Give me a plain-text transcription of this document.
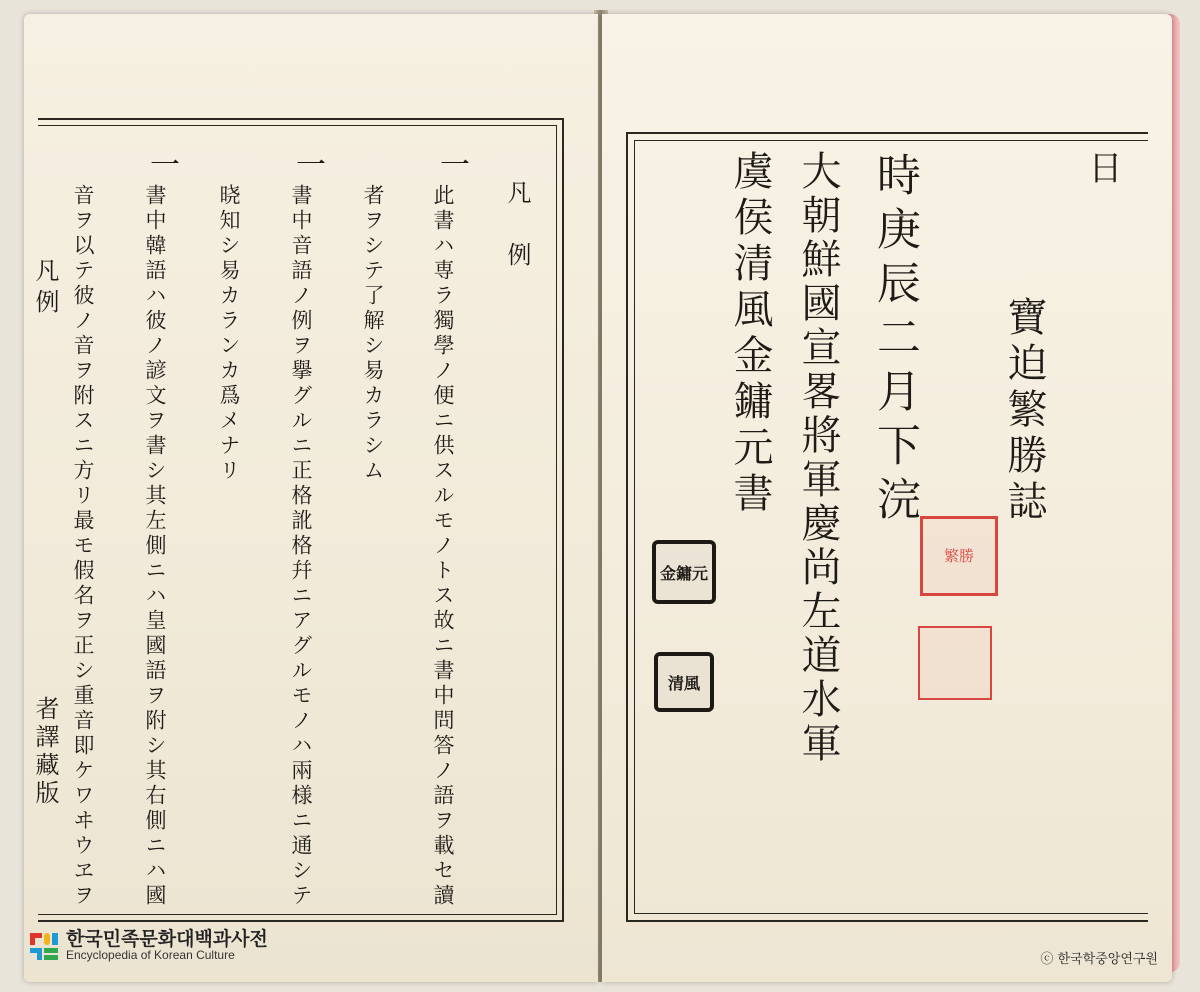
凡例
者譯藏版
凡　例
一
一
一
此書ハ専ラ獨學ノ便ニ供スルモノトス故ニ書中問答ノ語ヲ載セ讀
者ヲシテ了解シ易カラシム
書中音語ノ例ヲ擧グルニ正格訛格幷ニアグルモノハ兩様ニ通シテ
晓知シ易カランカ爲メナリ
書中韓語ハ彼ノ諺文ヲ書シ其左側ニハ皇國語ヲ附シ其右側ニハ國
音ヲ以テ彼ノ音ヲ附スニ方リ最モ假名ヲ正シ重音即ケワヰウヱヲ
日
寶迫繁勝誌
時庚辰二月下浣
大朝鮮國宣畧將軍慶尚左道水軍
虞侯清風金鏞元書
繁勝
金鏞元
清風
한국민족문화대백과사전
Encyclopedia of Korean Culture	ⓒ 한국학중앙연구원
